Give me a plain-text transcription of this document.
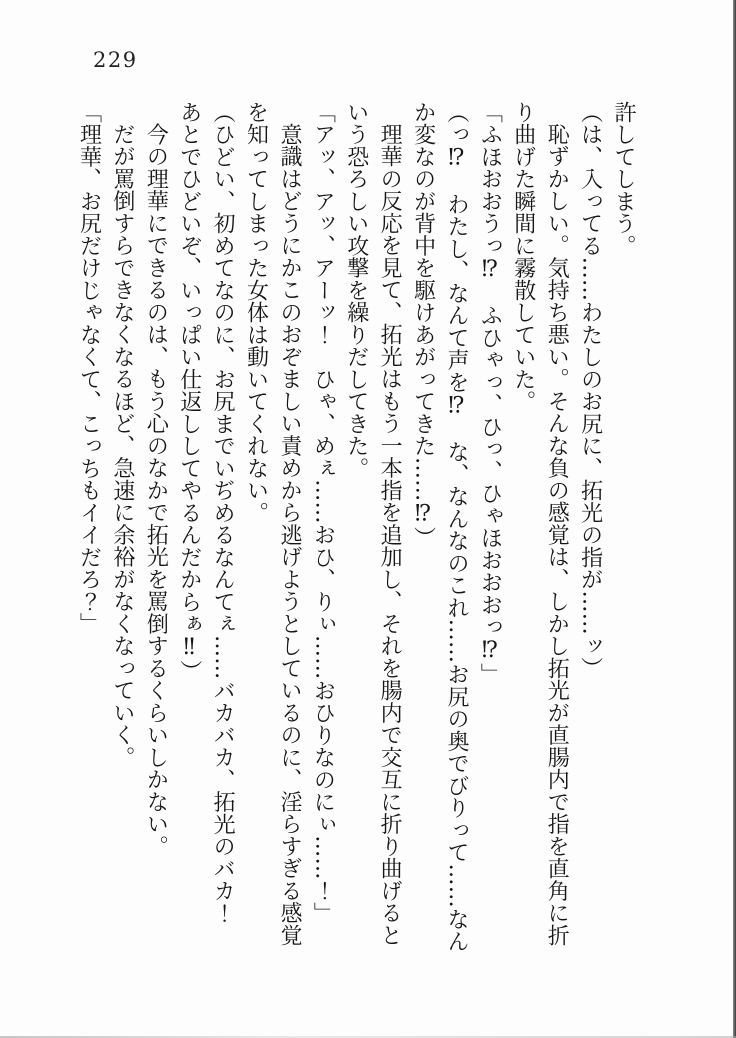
229
許してしまう。
（は、入ってる……わたしのお尻に、拓光の指が……ッ）
恥ずかしい。気持ち悪い。そんな負の感覚は、しかし拓光が直腸内で指を直角に折
り曲げた瞬間に霧散していた。
「ふほおおうっ⁉　ふひゃっ、ひっ、ひゃほおおおっ⁉」
（っ⁉　わたし、なんて声を⁉　な、なんなのこれ……お尻の奥でびりって……なん
か変なのが背中を駆けあがってきた……⁉）
理華の反応を見て、拓光はもう一本指を追加し、それを腸内で交互に折り曲げると
いう恐ろしい攻撃を繰りだしてきた。
「アッ、アッ、アーッ！　ひゃ、めぇ……おひ、りぃ……おひりなのにぃ……！」
意識はどうにかこのおぞましい責めから逃げようとしているのに、淫らすぎる感覚
を知ってしまった女体は動いてくれない。
（ひどい、初めてなのに、お尻までいぢめるなんてぇ……バカバカ、拓光のバカ！
あとでひどいぞ、いっぱい仕返ししてやるんだからぁ‼）
今の理華にできるのは、もう心のなかで拓光を罵倒するくらいしかない。
だが罵倒すらできなくなるほど、急速に余裕がなくなっていく。
「理華、お尻だけじゃなくて、こっちもイイだろ？」
